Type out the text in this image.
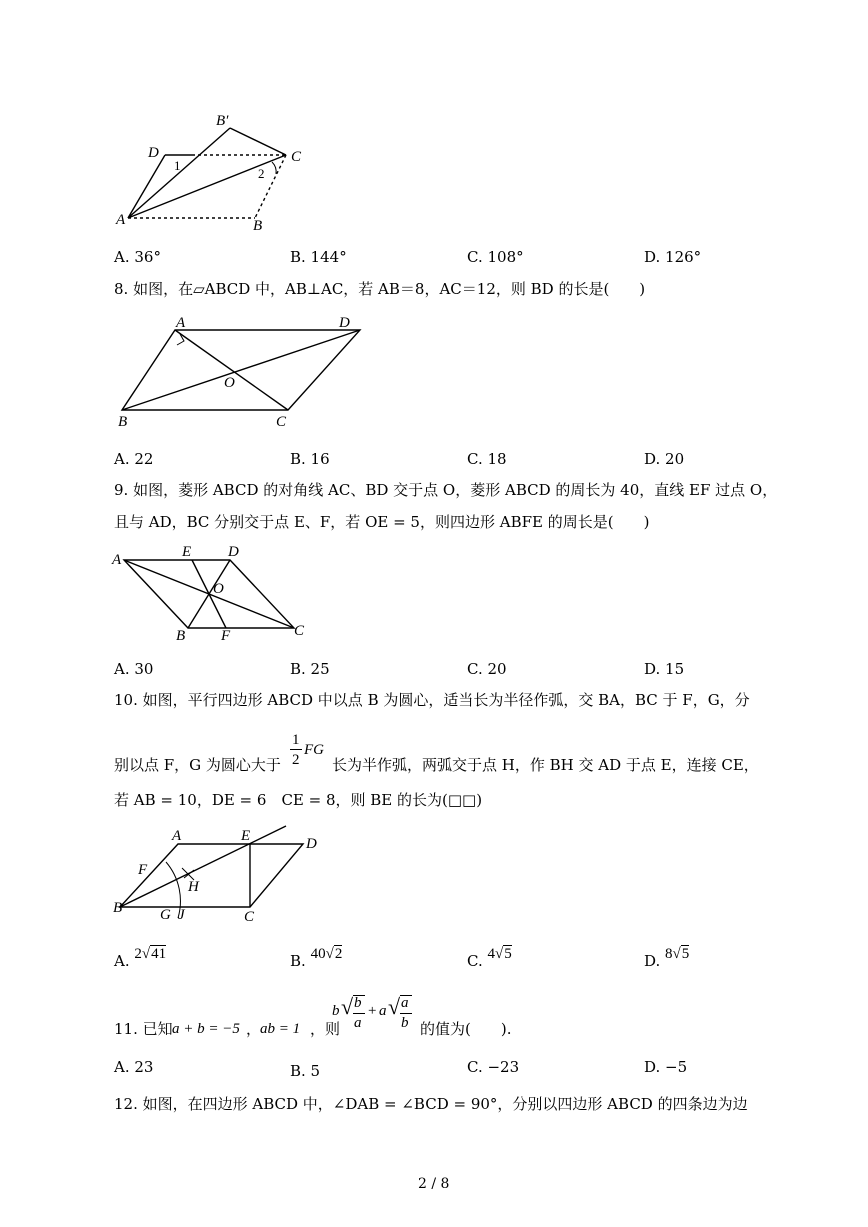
D
B′
C
A	B
1
2
A. 36°	B. 144°	C. 108°	D. 126°
8. 如图，在▱ABCD 中，AB⊥AC，若 AB＝8，AC＝12，则 BD 的长是(　　)
A	D
O
B	C
A. 22	B. 16	C. 18	D. 20
9. 如图，菱形 ABCD 的对角线 AC、BD 交于点 O，菱形 ABCD 的周长为 40，直线 EF 过点 O，
且与 AD，BC 分别交于点 E、F，若 OE = 5，则四边形 ABFE 的周长是(　　)
A	E D
O
B F	C
A. 30	B. 25	C. 20	D. 15
10. 如图，平行四边形 ABCD 中以点 B 为圆心，适当长为半径作弧，交 BA，BC 于 F，G，分
别以点 F，G 为圆心大于
1
2
FG
长为半作弧，两弧交于点 H，作 BH 交 AD 于点 E，连接 CE，
若 AB = 10，DE = 6　CE = 8，则 BE 的长为(□□)
A	E	D
F
H
B	G J	C
A. 2√41	B. 40√2	C. 4√5	D. 8√5
11. 已知 a + b = −5 ，
ab = 1 ，则
b √ b
a
+ a √ a
b 的值为(　　).
A. 23	B. 5	C. −23	D. −5
12. 如图，在四边形 ABCD 中，∠DAB = ∠BCD = 90°，分别以四边形 ABCD 的四条边为边
2 / 8
